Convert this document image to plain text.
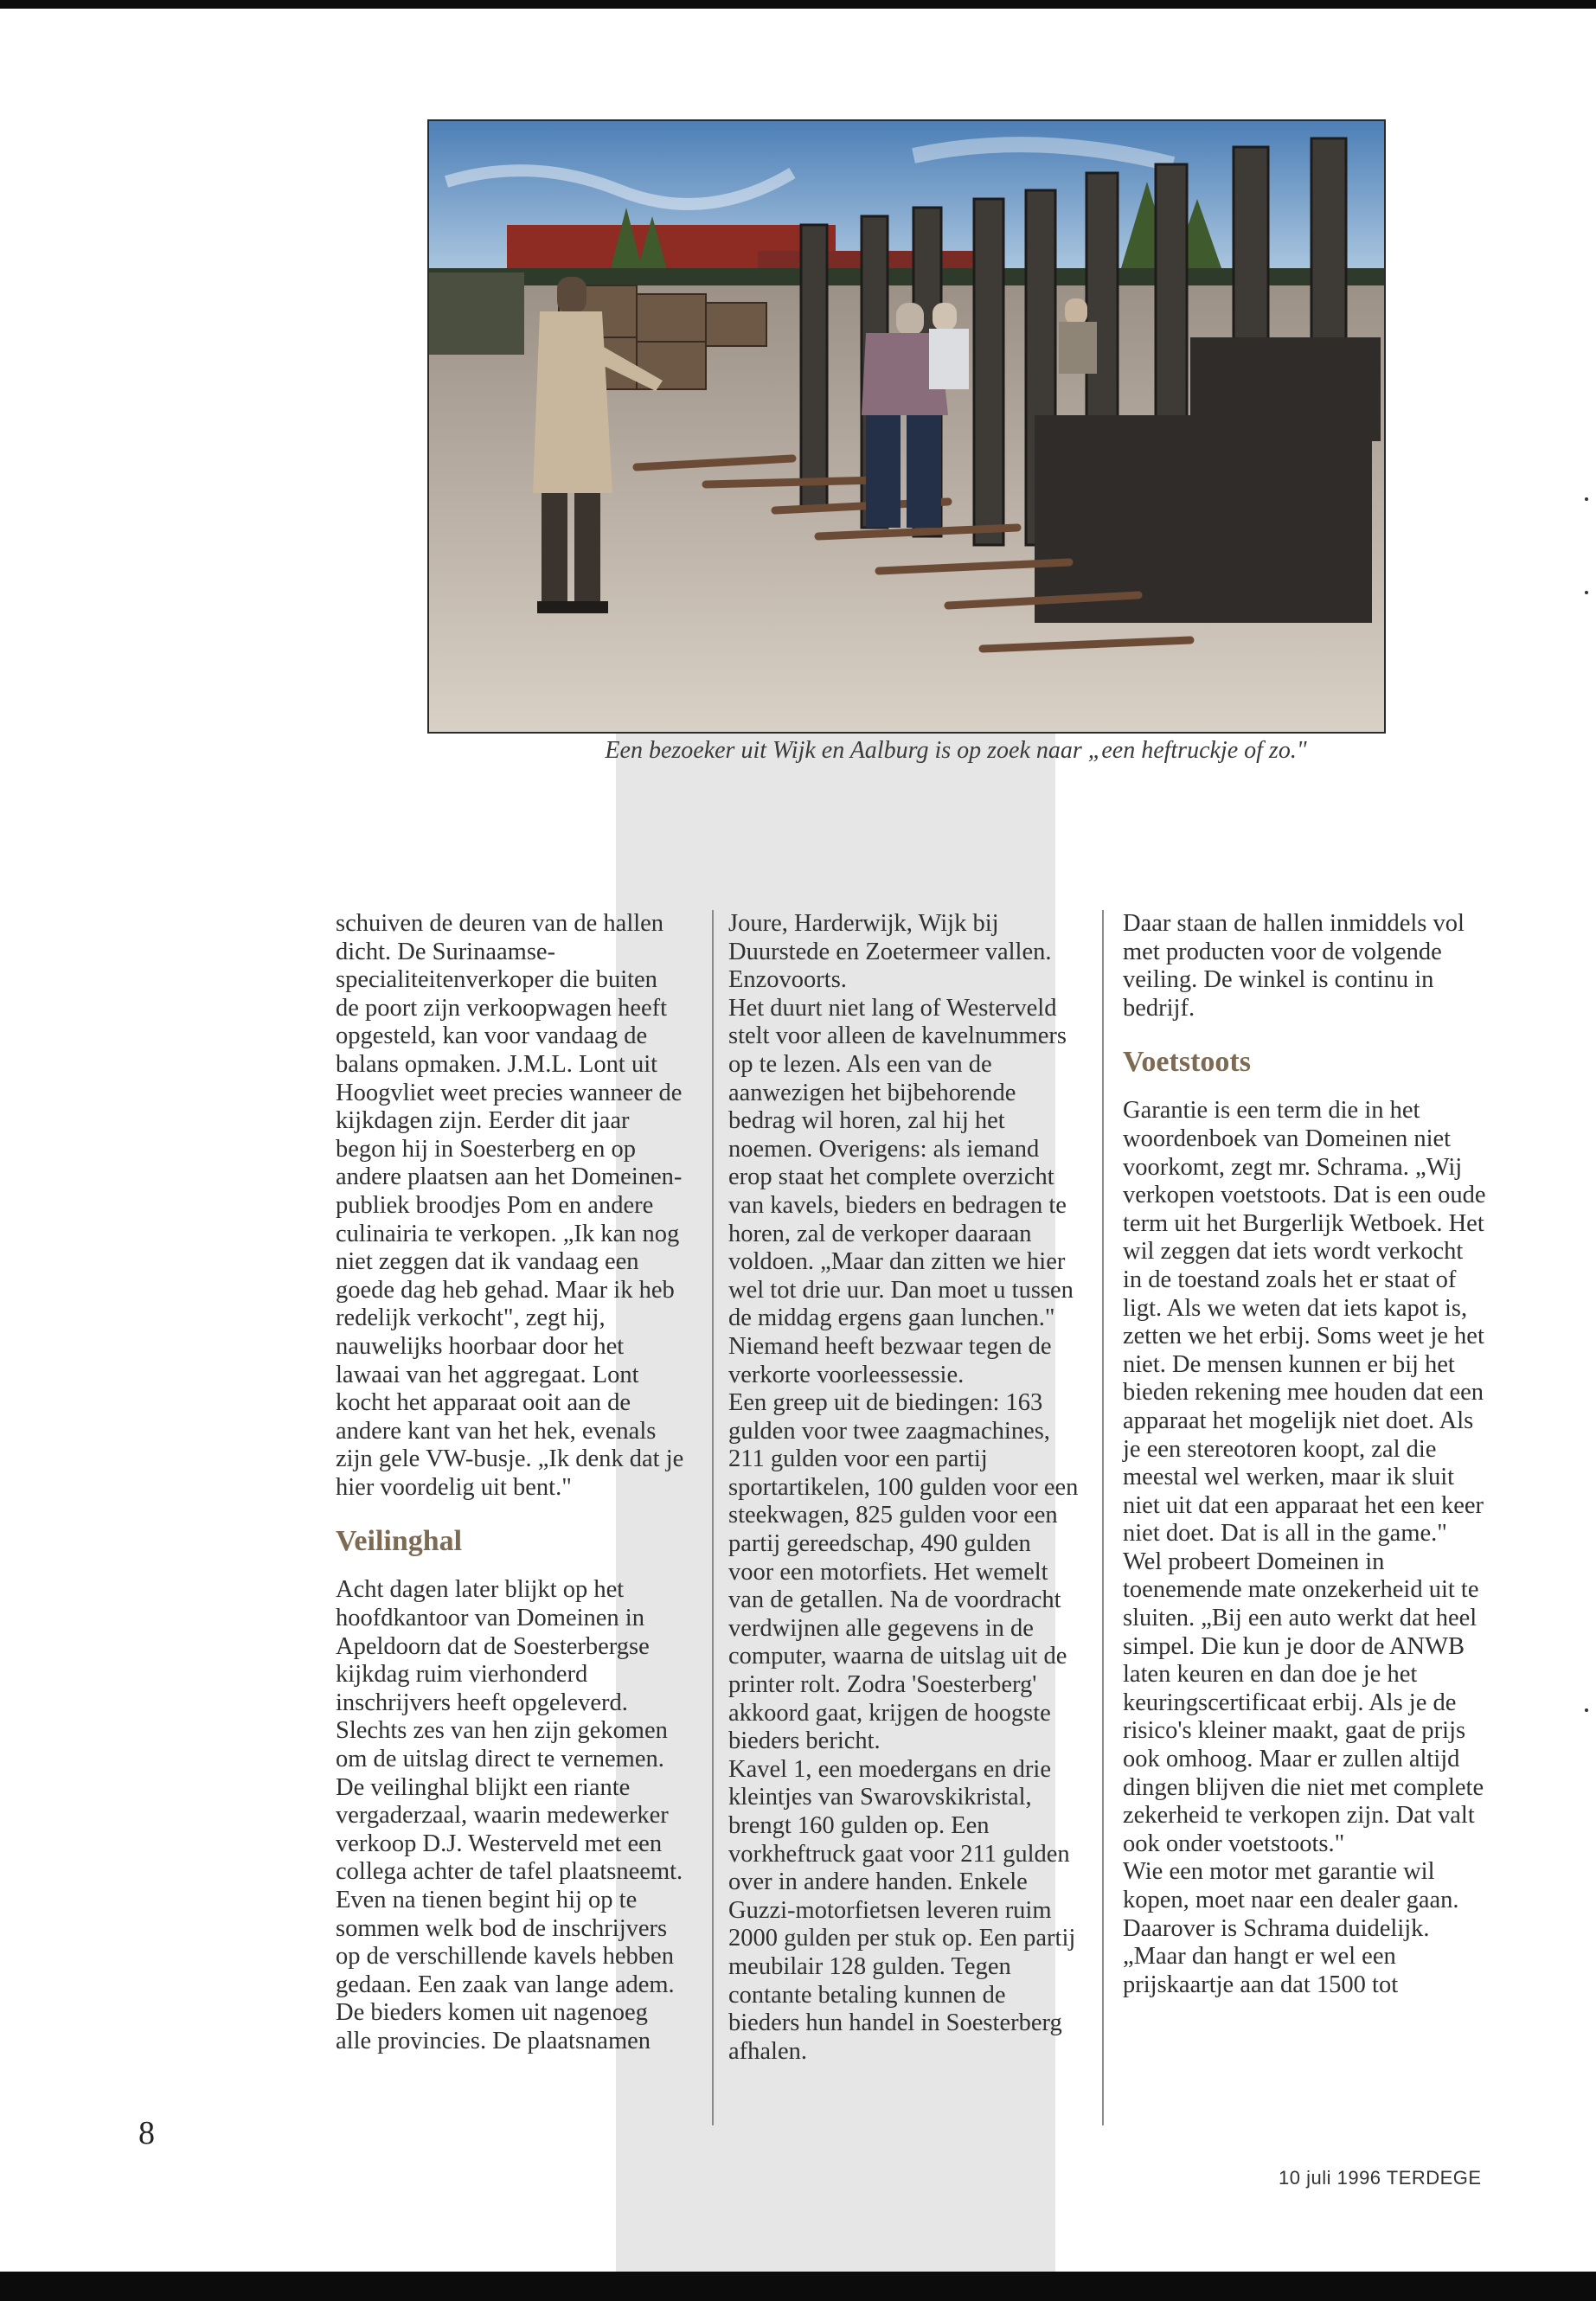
Een bezoeker uit Wijk en Aalburg is op zoek naar „een heftruckje of zo."

schuiven de deuren van de hallen dicht. De Surinaamse-specialiteitenverkoper die buiten de poort zijn verkoopwagen heeft opgesteld, kan voor vandaag de balans opmaken. J.M.L. Lont uit Hoogvliet weet precies wanneer de kijkdagen zijn. Eerder dit jaar begon hij in Soesterberg en op andere plaatsen aan het Domeinen-publiek broodjes Pom en andere culinairia te verkopen. „Ik kan nog niet zeggen dat ik vandaag een goede dag heb gehad. Maar ik heb redelijk verkocht", zegt hij, nauwelijks hoorbaar door het lawaai van het aggregaat. Lont kocht het apparaat ooit aan de andere kant van het hek, evenals zijn gele VW-busje. „Ik denk dat je hier voordelig uit bent."

Veilinghal

Acht dagen later blijkt op het hoofdkantoor van Domeinen in Apeldoorn dat de Soesterbergse kijkdag ruim vierhonderd inschrijvers heeft opgeleverd. Slechts zes van hen zijn gekomen om de uitslag direct te vernemen. De veilinghal blijkt een riante vergaderzaal, waarin medewerker verkoop D.J. Westerveld met een collega achter de tafel plaatsneemt. Even na tienen begint hij op te sommen welk bod de inschrijvers op de verschillende kavels hebben gedaan. Een zaak van lange adem. De bieders komen uit nagenoeg alle provincies. De plaatsnamen

Joure, Harderwijk, Wijk bij Duurstede en Zoetermeer vallen. Enzovoorts.

Het duurt niet lang of Westerveld stelt voor alleen de kavelnummers op te lezen. Als een van de aanwezigen het bijbehorende bedrag wil horen, zal hij het noemen. Overigens: als iemand erop staat het complete overzicht van kavels, bieders en bedragen te horen, zal de verkoper daaraan voldoen. „Maar dan zitten we hier wel tot drie uur. Dan moet u tussen de middag ergens gaan lunchen." Niemand heeft bezwaar tegen de verkorte voorleessessie.

Een greep uit de biedingen: 163 gulden voor twee zaagmachines, 211 gulden voor een partij sportartikelen, 100 gulden voor een steekwagen, 825 gulden voor een partij gereedschap, 490 gulden voor een motorfiets. Het wemelt van de getallen. Na de voordracht verdwijnen alle gegevens in de computer, waarna de uitslag uit de printer rolt. Zodra 'Soesterberg' akkoord gaat, krijgen de hoogste bieders bericht.

Kavel 1, een moedergans en drie kleintjes van Swarovskikristal, brengt 160 gulden op. Een vorkheftruck gaat voor 211 gulden over in andere handen. Enkele Guzzi-motorfietsen leveren ruim 2000 gulden per stuk op. Een partij meubilair 128 gulden. Tegen contante betaling kunnen de bieders hun handel in Soesterberg afhalen.

Daar staan de hallen inmiddels vol met producten voor de volgende veiling. De winkel is continu in bedrijf.

Voetstoots

Garantie is een term die in het woordenboek van Domeinen niet voorkomt, zegt mr. Schrama. „Wij verkopen voetstoots. Dat is een oude term uit het Burgerlijk Wetboek. Het wil zeggen dat iets wordt verkocht in de toestand zoals het er staat of ligt. Als we weten dat iets kapot is, zetten we het erbij. Soms weet je het niet. De mensen kunnen er bij het bieden rekening mee houden dat een apparaat het mogelijk niet doet. Als je een stereotoren koopt, zal die meestal wel werken, maar ik sluit niet uit dat een apparaat het een keer niet doet. Dat is all in the game."

Wel probeert Domeinen in toenemende mate onzekerheid uit te sluiten. „Bij een auto werkt dat heel simpel. Die kun je door de ANWB laten keuren en dan doe je het keuringscertificaat erbij. Als je de risico's kleiner maakt, gaat de prijs ook omhoog. Maar er zullen altijd dingen blijven die niet met complete zekerheid te verkopen zijn. Dat valt ook onder voetstoots."

Wie een motor met garantie wil kopen, moet naar een dealer gaan. Daarover is Schrama duidelijk. „Maar dan hangt er wel een prijskaartje aan dat 1500 tot

8
10 juli 1996 TERDEGE
